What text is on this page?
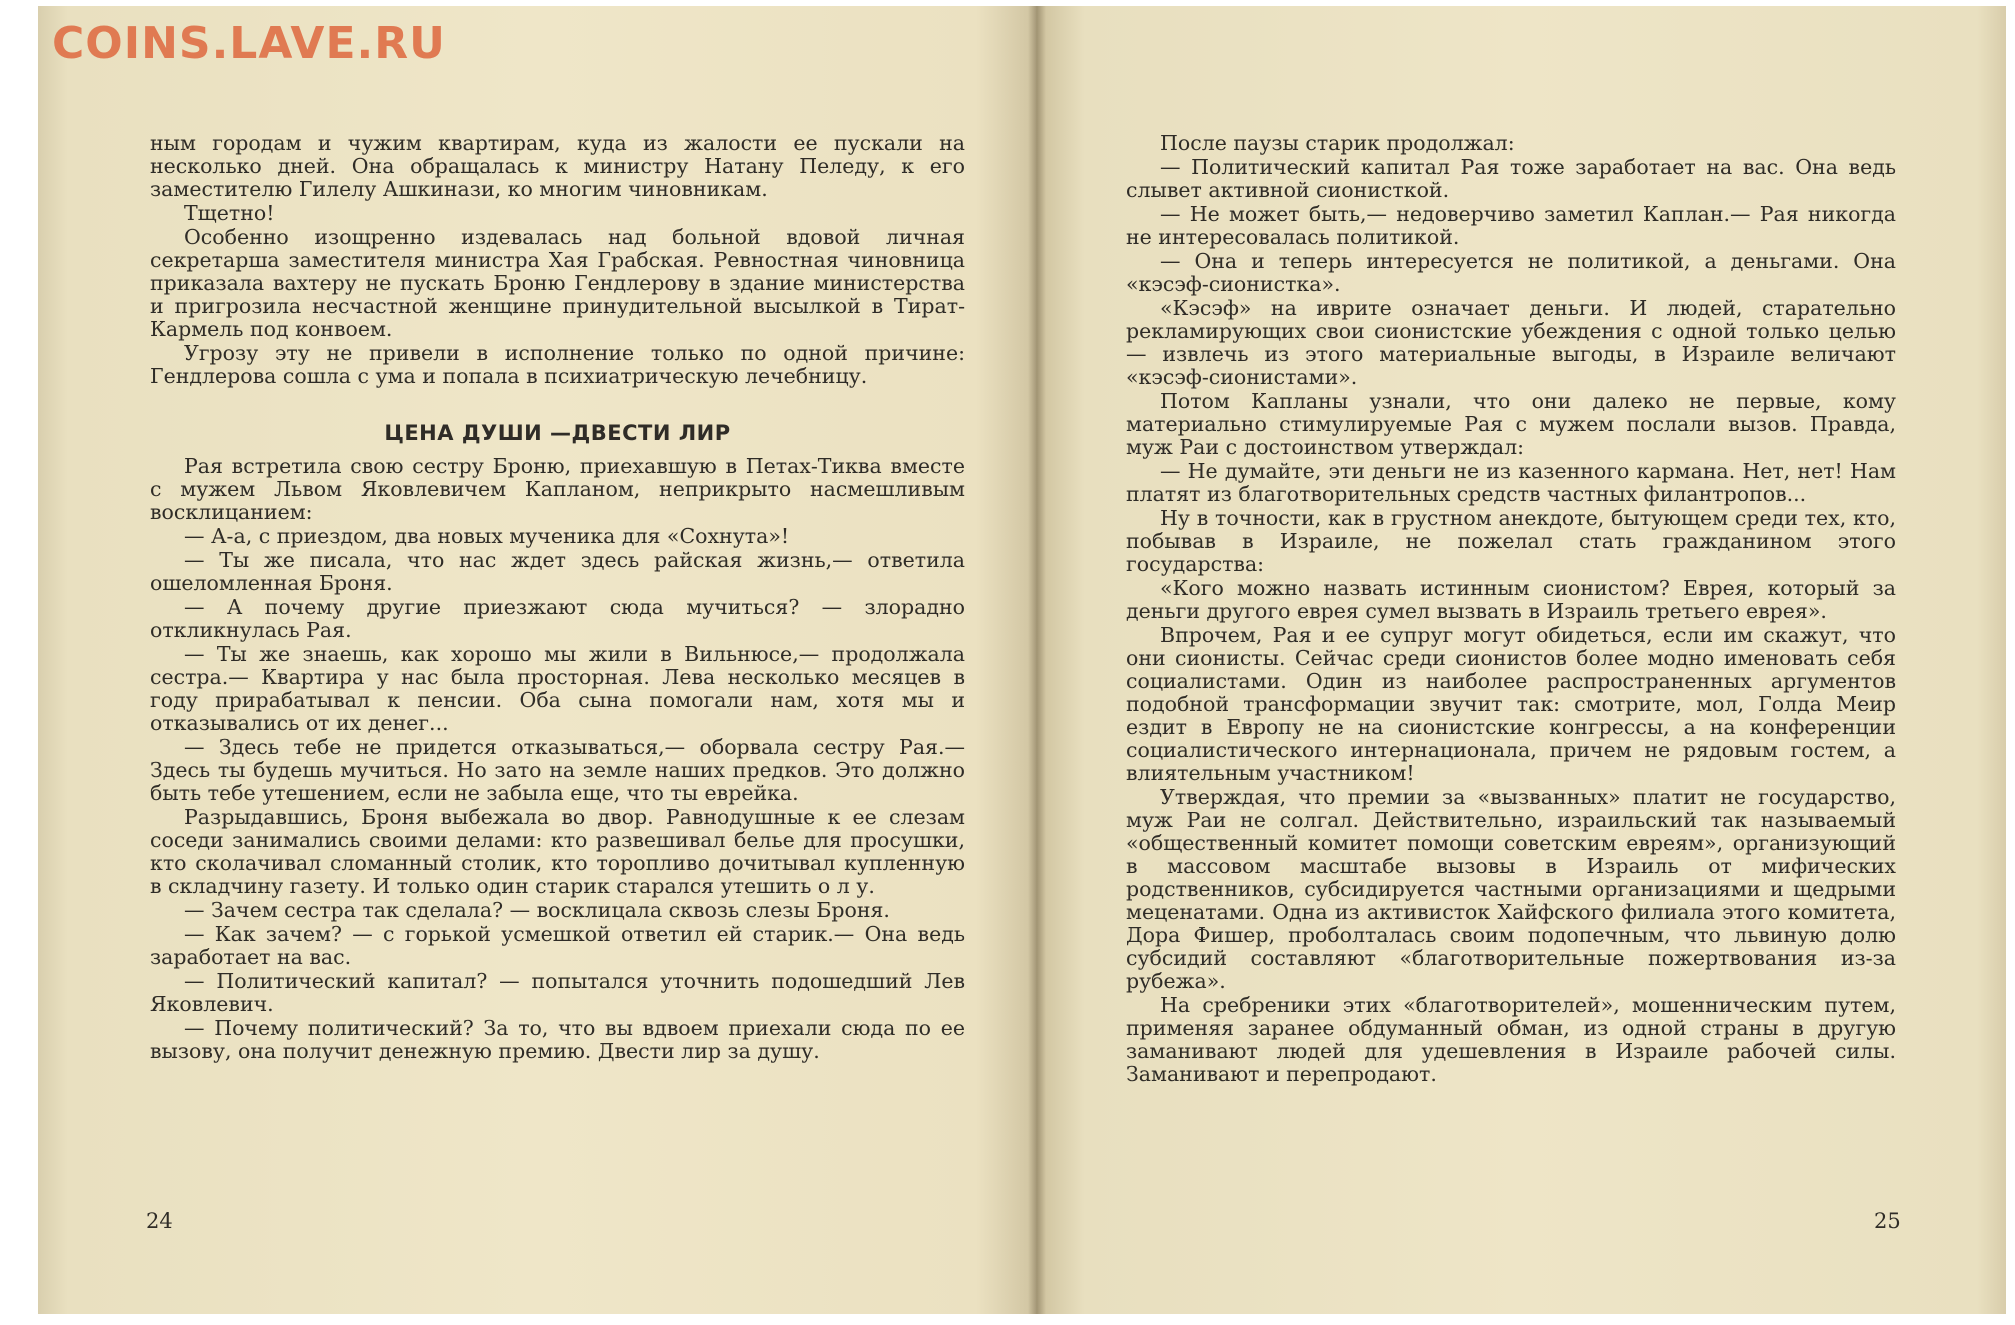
ным городам и чужим квартирам, куда из жалости ее пускали на несколько дней. Она обращалась к министру Натану Пеледу, к его заместителю Гилелу Ашкинази, ко многим чиновникам.

Тщетно!

Особенно изощренно издевалась над больной вдовой личная секретарша заместителя министра Хая Грабская. Ревностная чиновница приказала вахтеру не пускать Броню Гендлерову в здание министерства и пригрозила несчастной женщине принудительной высылкой в Тират-Кармель под конвоем.

Угрозу эту не привели в исполнение только по одной причине: Гендлерова сошла с ума и попала в психиатрическую лечебницу.

ЦЕНА ДУШИ —ДВЕСТИ ЛИР

Рая встретила свою сестру Броню, приехавшую в Петах-Тиква вместе с мужем Львом Яковлевичем Капланом, неприкрыто насмешливым восклицанием:

— А-а, с приездом, два новых мученика для «Сохнута»!

— Ты же писала, что нас ждет здесь райская жизнь,— ответила ошеломленная Броня.

— А почему другие приезжают сюда мучиться? — злорадно откликнулась Рая.

— Ты же знаешь, как хорошо мы жили в Вильнюсе,— продолжала сестра.— Квартира у нас была просторная. Лева несколько месяцев в году прирабатывал к пенсии. Оба сына помогали нам, хотя мы и отказывались от их денег...

— Здесь тебе не придется отказываться,— оборвала сестру Рая.— Здесь ты будешь мучиться. Но зато на земле наших предков. Это должно быть тебе утешением, если не забыла еще, что ты еврейка.

Разрыдавшись, Броня выбежала во двор. Равнодушные к ее слезам соседи занимались своими делами: кто развешивал белье для просушки, кто сколачивал сломанный столик, кто торопливо дочитывал купленную в складчину газету. И только один старик старался утешить о л у.

— Зачем сестра так сделала? — восклицала сквозь слезы Броня.

— Как зачем? — с горькой усмешкой ответил ей старик.— Она ведь заработает на вас.

— Политический капитал? — попытался уточнить подошедший Лев Яковлевич.

— Почему политический? За то, что вы вдвоем приехали сюда по ее вызову, она получит денежную премию. Двести лир за душу.

24

После паузы старик продолжал:

— Политический капитал Рая тоже заработает на вас. Она ведь слывет активной сионисткой.

— Не может быть,— недоверчиво заметил Каплан.— Рая никогда не интересовалась политикой.

— Она и теперь интересуется не политикой, а деньгами. Она «кэсэф-сионистка».

«Кэсэф» на иврите означает деньги. И людей, старательно рекламирующих свои сионистские убеждения с одной только целью — извлечь из этого материальные выгоды, в Израиле величают «кэсэф-сионистами».

Потом Капланы узнали, что они далеко не первые, кому материально стимулируемые Рая с мужем послали вызов. Правда, муж Раи с достоинством утверждал:

— Не думайте, эти деньги не из казенного кармана. Нет, нет! Нам платят из благотворительных средств частных филантропов...

Ну в точности, как в грустном анекдоте, бытующем среди тех, кто, побывав в Израиле, не пожелал стать гражданином этого государства:

«Кого можно назвать истинным сионистом? Еврея, который за деньги другого еврея сумел вызвать в Израиль третьего еврея».

Впрочем, Рая и ее супруг могут обидеться, если им скажут, что они сионисты. Сейчас среди сионистов более модно именовать себя социалистами. Один из наиболее распространенных аргументов подобной трансформации звучит так: смотрите, мол, Голда Меир ездит в Европу не на сионистские конгрессы, а на конференции социалистического интернационала, причем не рядовым гостем, а влиятельным участником!

Утверждая, что премии за «вызванных» платит не государство, муж Раи не солгал. Действительно, израильский так называемый «общественный комитет помощи советским евреям», организующий в массовом масштабе вызовы в Израиль от мифических родственников, субсидируется частными организациями и щедрыми меценатами. Одна из активисток Хайфского филиала этого комитета, Дора Фишер, проболталась своим подопечным, что львиную долю субсидий составляют «благотворительные пожертвования из-за рубежа».

На сребреники этих «благотворителей», мошенническим путем, применяя заранее обдуманный обман, из одной страны в другую заманивают людей для удешевления в Израиле рабочей силы. Заманивают и перепродают.

25
COINS.LAVE.RU
